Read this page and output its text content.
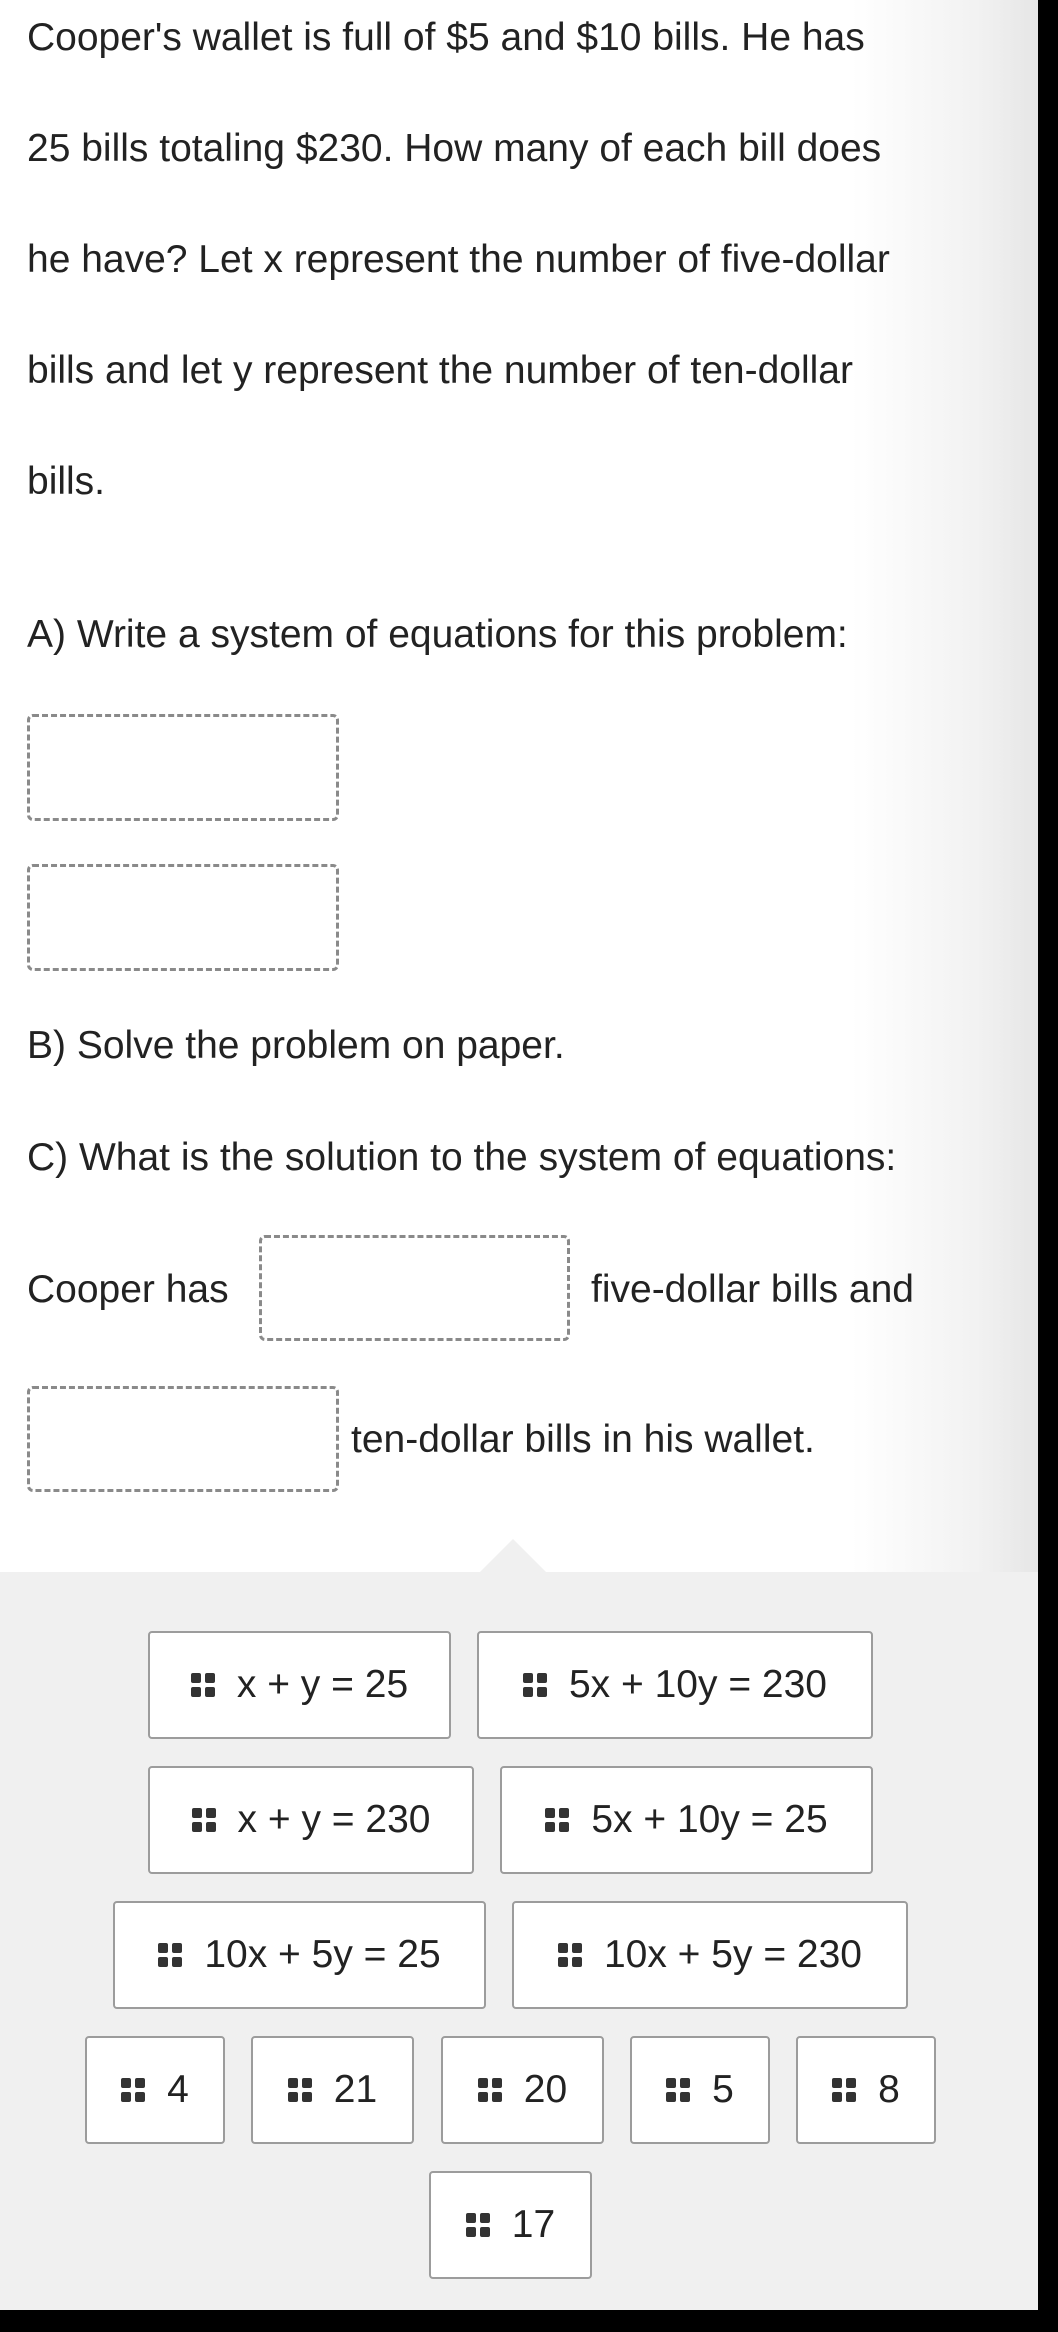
Cooper's wallet is full of $5 and $10 bills. He has
25 bills totaling $230. How many of each bill does
he have? Let x represent the number of five-dollar
bills and let y represent the number of ten-dollar
bills.
A) Write a system of equations for this problem:
B) Solve the problem on paper.
C) What is the solution to the system of equations:
Cooper has	five-dollar bills and
ten-dollar bills in his wallet.
x + y = 25	5x + 10y = 230
x + y = 230	5x + 10y = 25
10x + 5y = 25	10x + 5y = 230
4	21	20	5	8
17
